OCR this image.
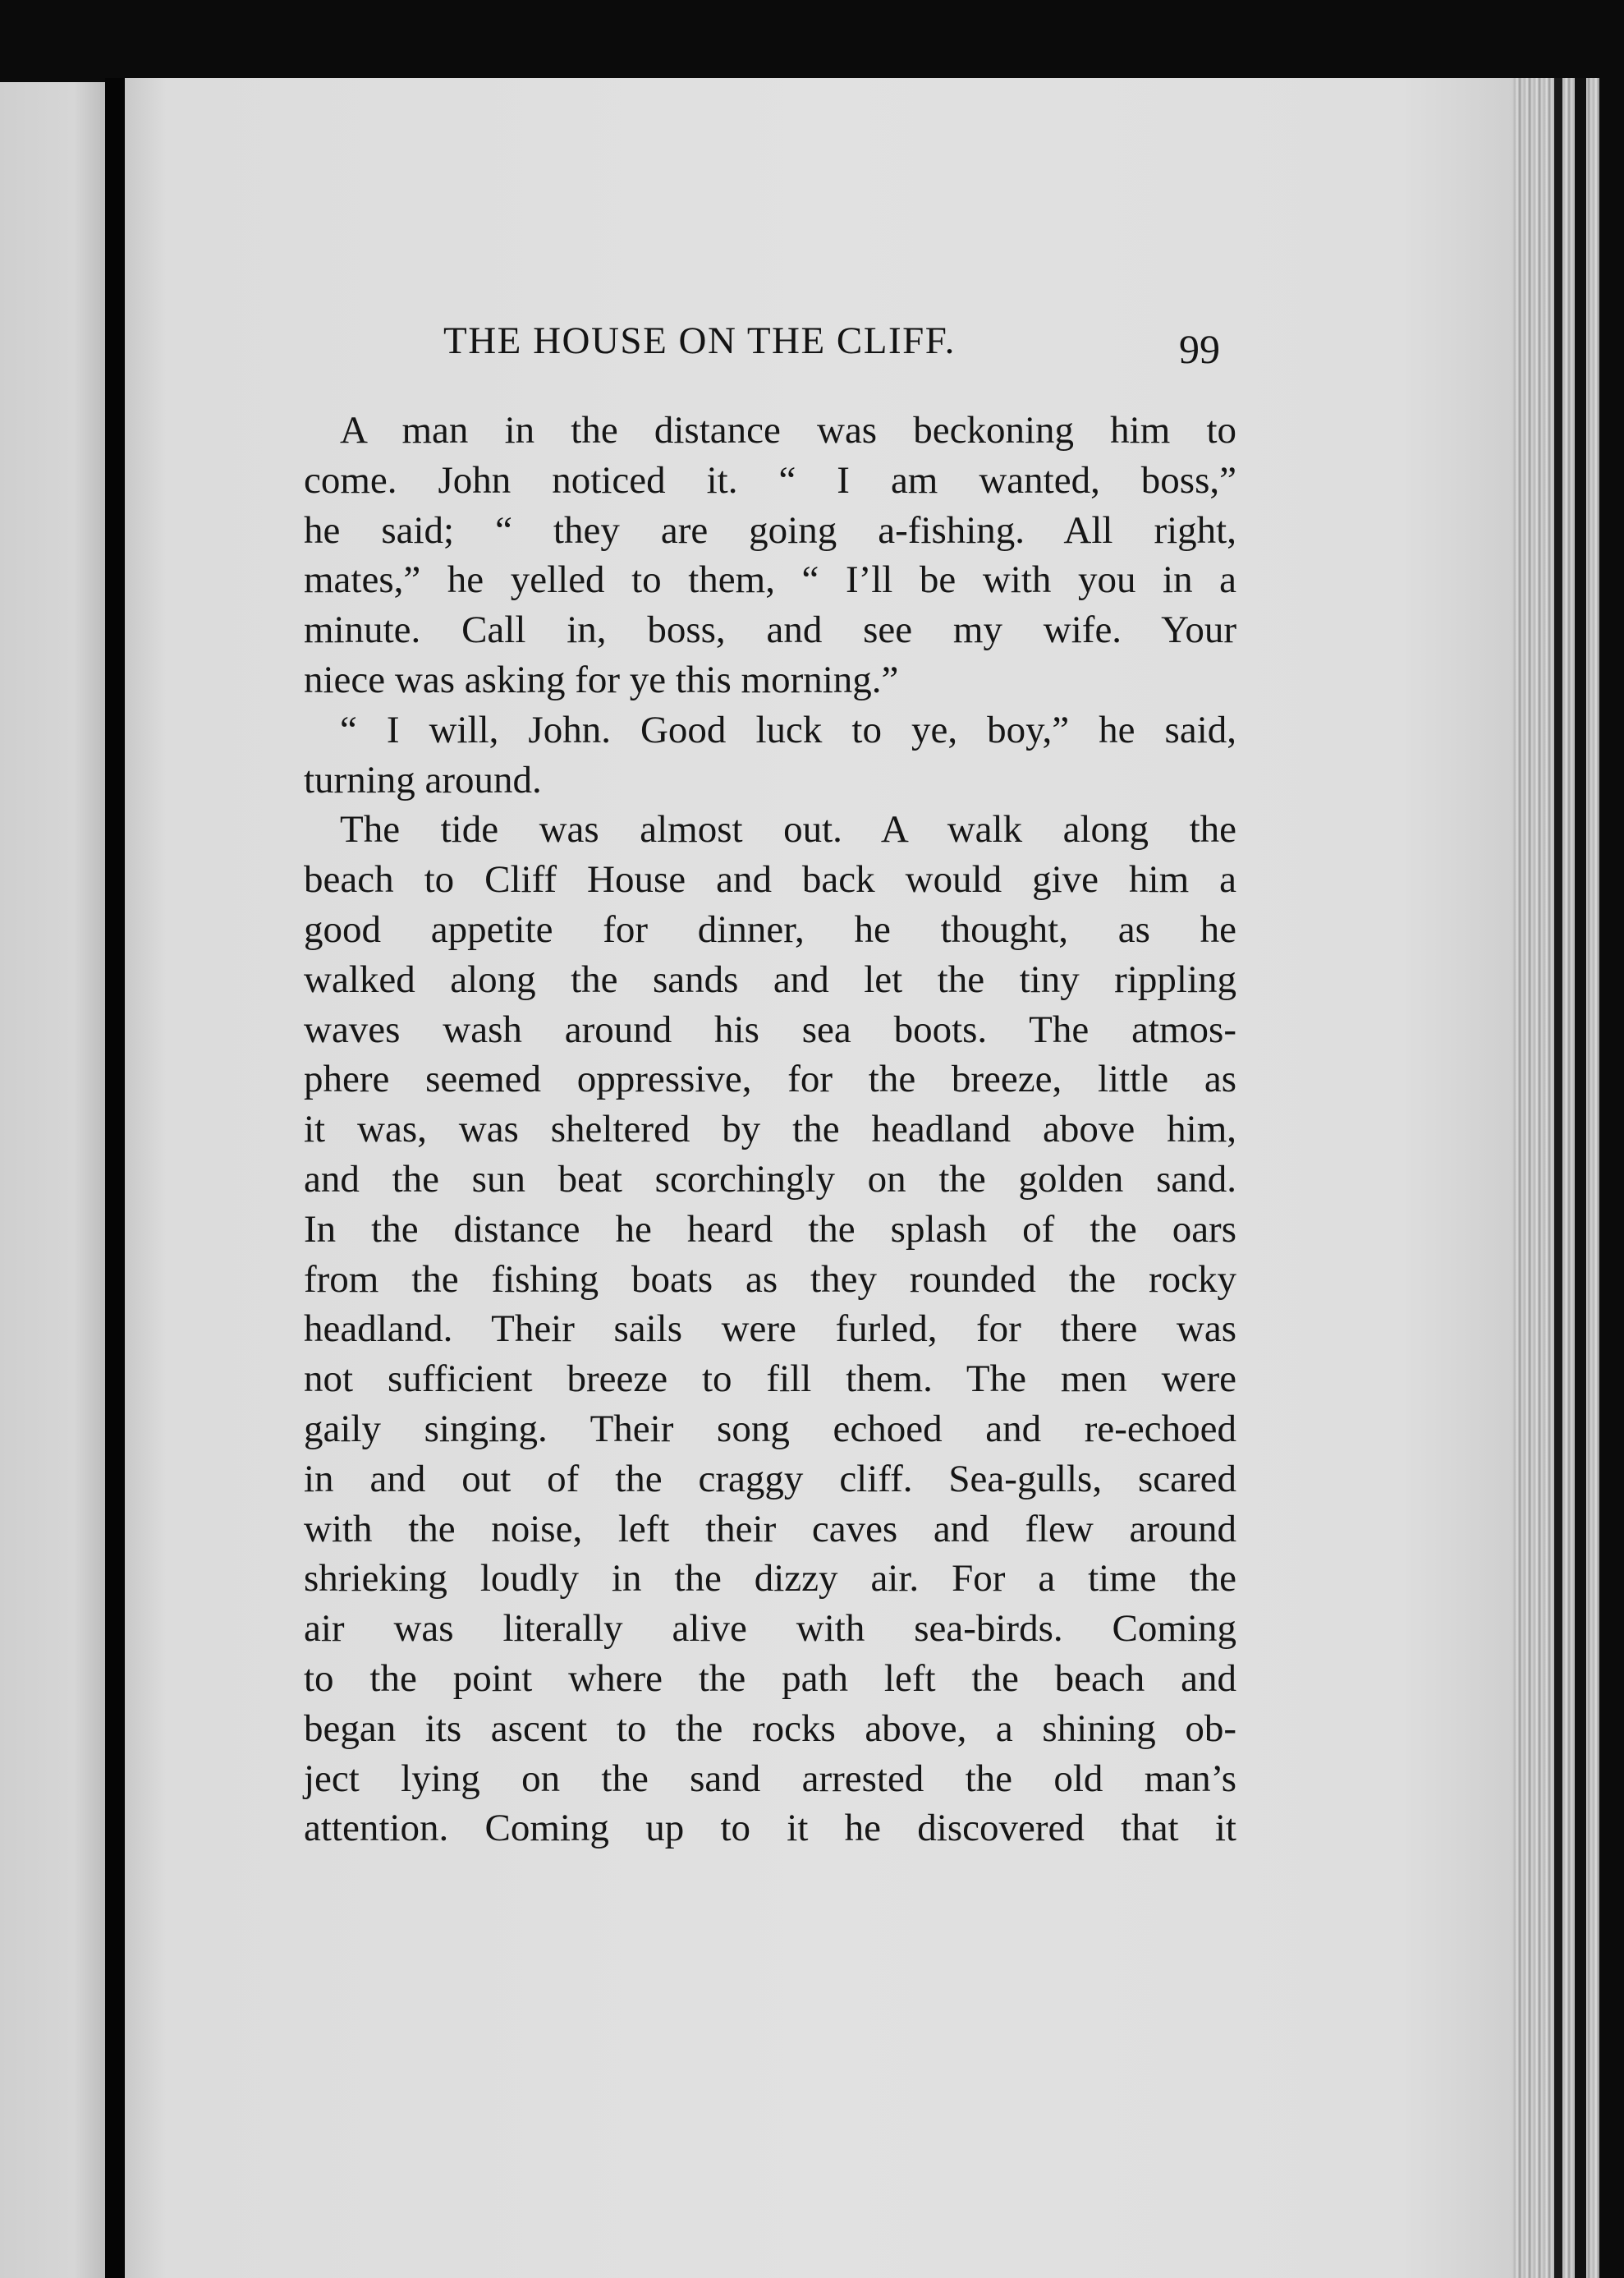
THE HOUSE ON THE CLIFF.	99
A man in the distance was beckoning him to
come. John noticed it. “ I am wanted, boss,”
he said; “ they are going a-fishing. All right,
mates,” he yelled to them, “ I’ll be with you in a
minute. Call in, boss, and see my wife. Your
niece was asking for ye this morning.”
“ I will, John. Good luck to ye, boy,” he said,
turning around.
The tide was almost out. A walk along the
beach to Cliff House and back would give him a
good appetite for dinner, he thought, as he
walked along the sands and let the tiny rippling
waves wash around his sea boots. The atmos-
phere seemed oppressive, for the breeze, little as
it was, was sheltered by the headland above him,
and the sun beat scorchingly on the golden sand.
In the distance he heard the splash of the oars
from the fishing boats as they rounded the rocky
headland. Their sails were furled, for there was
not sufficient breeze to fill them. The men were
gaily singing. Their song echoed and re-echoed
in and out of the craggy cliff. Sea-gulls, scared
with the noise, left their caves and flew around
shrieking loudly in the dizzy air. For a time the
air was literally alive with sea-birds. Coming
to the point where the path left the beach and
began its ascent to the rocks above, a shining ob-
ject lying on the sand arrested the old man’s
attention. Coming up to it he discovered that it
